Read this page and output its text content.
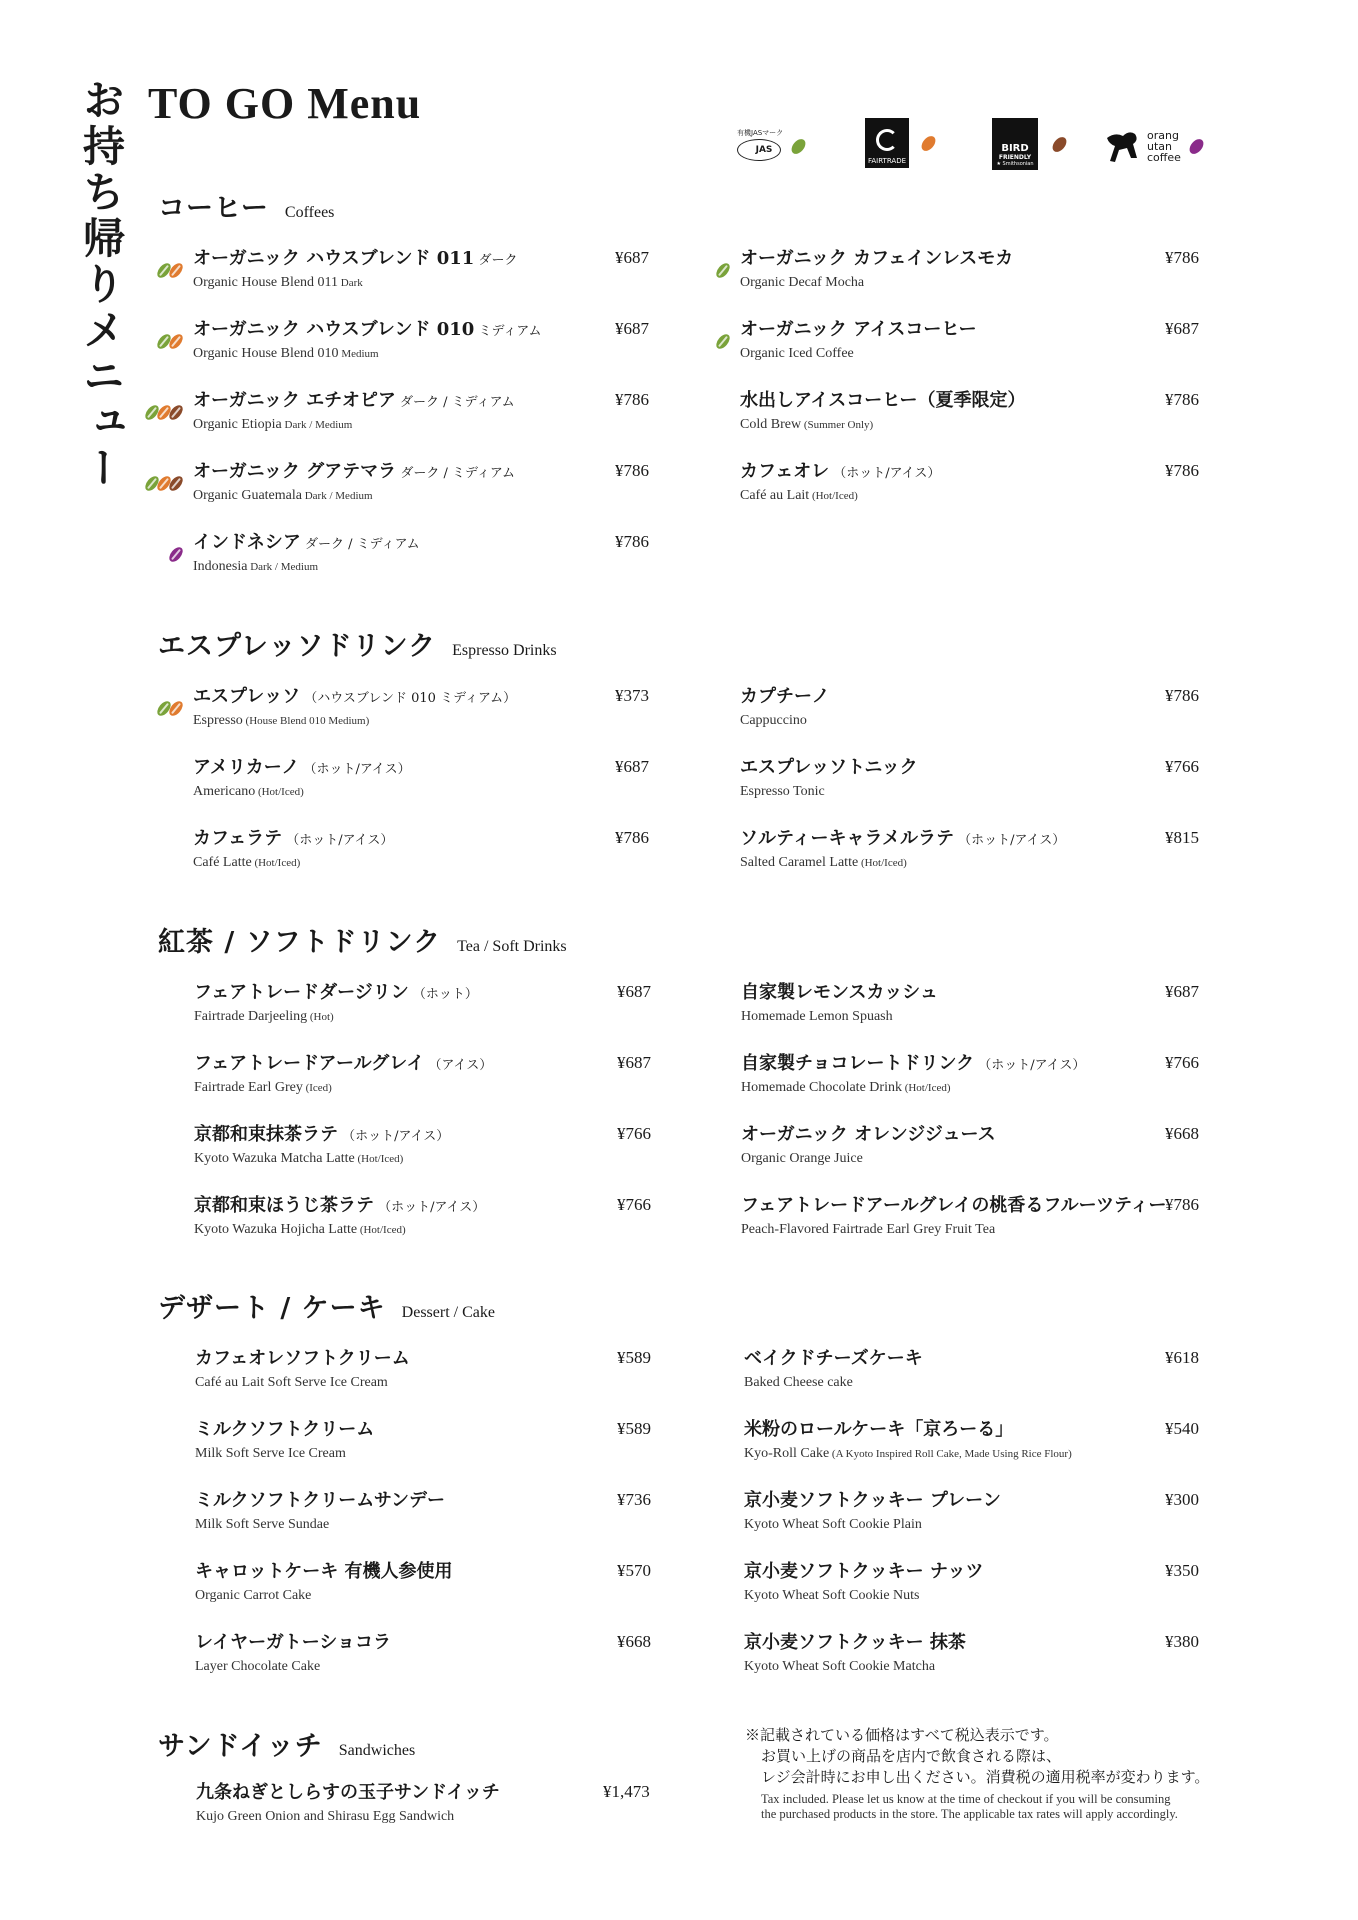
お持ち帰りメニュー TO GO Menu
有機JASマーク
JAS
FAIRTRADE
BIRD
FRIENDLY
★ Smithsonian
orang
utan
coffee
コーヒー Coffees
エスプレッソドリンク Espresso Drinks
紅茶 / ソフトドリンク Tea / Soft Drinks
デザート / ケーキ Dessert / Cake
サンドイッチ Sandwiches
オーガニック ハウスブレンド 011 ダーク
Organic House Blend 011 Dark
¥687
オーガニック ハウスブレンド 010 ミディアム
Organic House Blend 010 Medium
¥687
オーガニック エチオピア ダーク / ミディアム
Organic Etiopia Dark / Medium
¥786
オーガニック グアテマラ ダーク / ミディアム
Organic Guatemala Dark / Medium
¥786
インドネシア ダーク / ミディアム
Indonesia Dark / Medium
¥786
オーガニック カフェインレスモカ
Organic Decaf Mocha
¥786
オーガニック アイスコーヒー
Organic Iced Coffee
¥687
水出しアイスコーヒー（夏季限定）
Cold Brew (Summer Only)
¥786
カフェオレ （ホット/アイス）
Café au Lait (Hot/Iced)
¥786
エスプレッソ （ハウスブレンド 010 ミディアム）
Espresso (House Blend 010 Medium)
¥373
アメリカーノ （ホット/アイス）
Americano (Hot/Iced)
¥687
カフェラテ （ホット/アイス）
Café Latte (Hot/Iced)
¥786
カプチーノ
Cappuccino
¥786
エスプレッソトニック
Espresso Tonic
¥766
ソルティーキャラメルラテ （ホット/アイス）
Salted Caramel Latte (Hot/Iced)
¥815
フェアトレードダージリン （ホット）
Fairtrade Darjeeling (Hot)
¥687
フェアトレードアールグレイ （アイス）
Fairtrade Earl Grey (Iced)
¥687
京都和束抹茶ラテ （ホット/アイス）
Kyoto Wazuka Matcha Latte (Hot/Iced)
¥766
京都和束ほうじ茶ラテ （ホット/アイス）
Kyoto Wazuka Hojicha Latte (Hot/Iced)
¥766
自家製レモンスカッシュ
Homemade Lemon Spuash
¥687
自家製チョコレートドリンク （ホット/アイス）
Homemade Chocolate Drink (Hot/Iced)
¥766
オーガニック オレンジジュース
Organic Orange Juice
¥668
フェアトレードアールグレイの桃香るフルーツティー
Peach-Flavored Fairtrade Earl Grey Fruit Tea
¥786
カフェオレソフトクリーム
Café au Lait Soft Serve Ice Cream
¥589
ミルクソフトクリーム
Milk Soft Serve Ice Cream
¥589
ミルクソフトクリームサンデー
Milk Soft Serve Sundae
¥736
キャロットケーキ 有機人参使用
Organic Carrot Cake
¥570
レイヤーガトーショコラ
Layer Chocolate Cake
¥668
ベイクドチーズケーキ
Baked Cheese cake
¥618
米粉のロールケーキ「京ろーる」
Kyo-Roll Cake (A Kyoto Inspired Roll Cake, Made Using Rice Flour)
¥540
京小麦ソフトクッキー プレーン
Kyoto Wheat Soft Cookie Plain
¥300
京小麦ソフトクッキー ナッツ
Kyoto Wheat Soft Cookie Nuts
¥350
京小麦ソフトクッキー 抹茶
Kyoto Wheat Soft Cookie Matcha
¥380
九条ねぎとしらすの玉子サンドイッチ
Kujo Green Onion and Shirasu Egg Sandwich
¥1,473
※記載されている価格はすべて税込表示です。
お買い上げの商品を店内で飲食される際は、
レジ会計時にお申し出ください。消費税の適用税率が変わります。
Tax included. Please let us know at the time of checkout if you will be consuming
the purchased products in the store. The applicable tax rates will apply accordingly.
